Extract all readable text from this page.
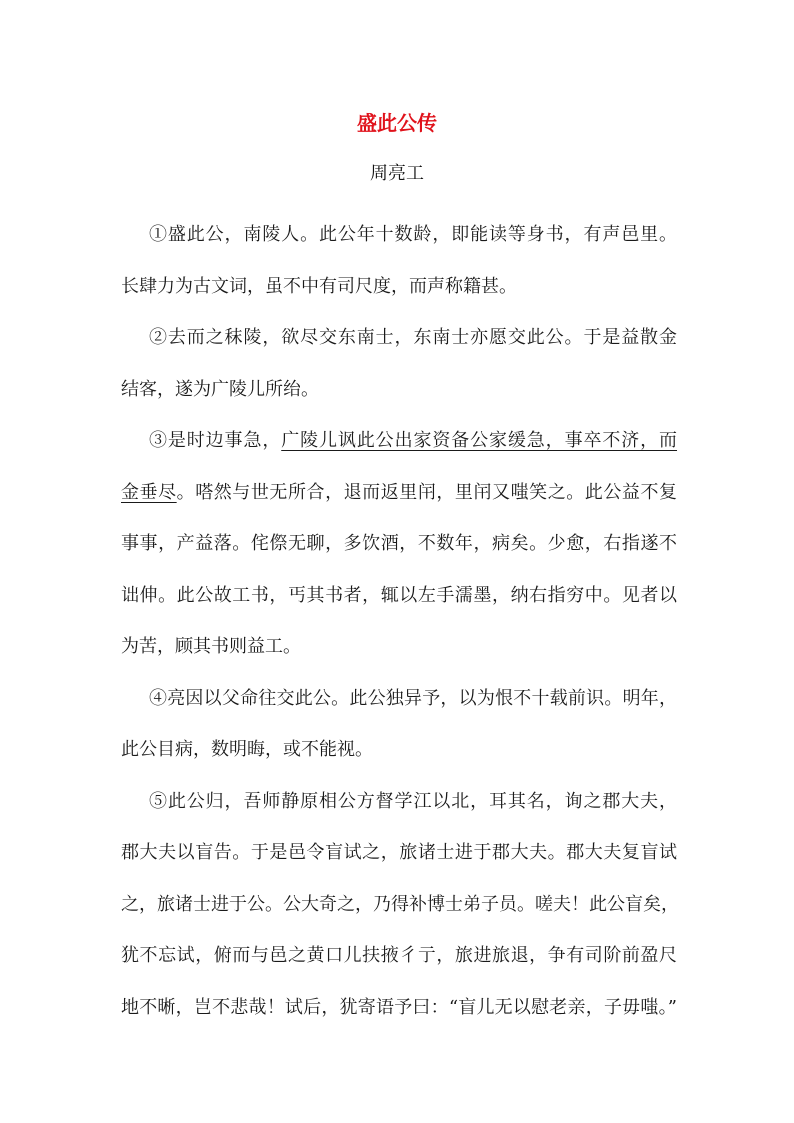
盛此公传
周亮工
①盛此公，南陵人。此公年十数龄，即能读等身书，有声邑里。
长肆力为古文词，虽不中有司尺度，而声称籍甚。
②去而之秣陵，欲尽交东南士，东南士亦愿交此公。于是益散金
结客，遂为广陵儿所绐。
③是时边事急，广陵儿讽此公出家资备公家缓急，事卒不济，而
金垂尽。嗒然与世无所合，退而返里闬，里闬又嗤笑之。此公益不复
事事，产益落。侘傺无聊，多饮酒，不数年，病矣。少愈，右指遂不
诎伸。此公故工书，丐其书者，辄以左手濡墨，纳右指穷中。见者以
为苦，顾其书则益工。
④亮因以父命往交此公。此公独异予，以为恨不十载前识。明年，
此公目病，数明晦，或不能视。
⑤此公归，吾师静原相公方督学江以北，耳其名，询之郡大夫，
郡大夫以盲告。于是邑令盲试之，旅诸士进于郡大夫。郡大夫复盲试
之，旅诸士进于公。公大奇之，乃得补博士弟子员。嗟夫！此公盲矣，
犹不忘试，俯而与邑之黄口儿扶掖彳亍，旅进旅退，争有司阶前盈尺
地不晰，岂不悲哉！试后，犹寄语予曰：“盲儿无以慰老亲，子毋嗤。”
